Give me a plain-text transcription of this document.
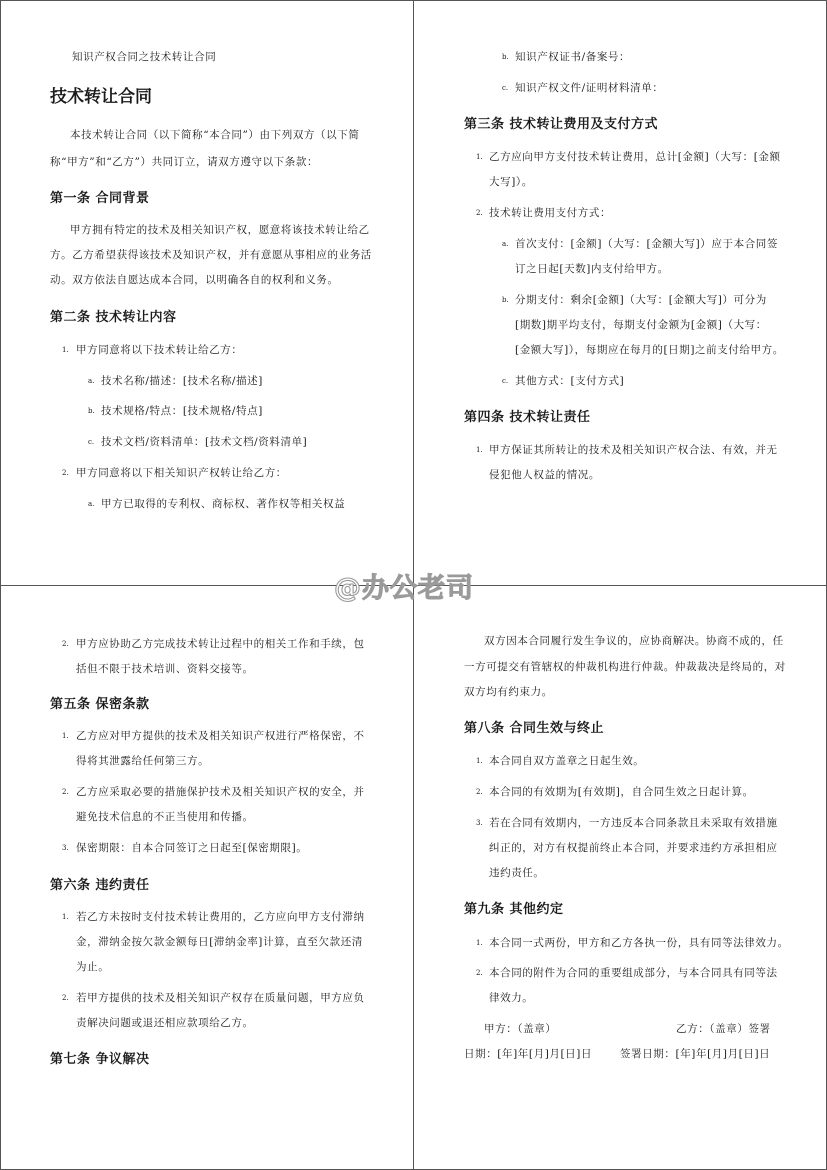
知识产权合同之技术转让合同
技术转让合同
本技术转让合同（以下简称“本合同”）由下列双方（以下简
称“甲方”和“乙方”）共同订立，请双方遵守以下条款：
第一条 合同背景
甲方拥有特定的技术及相关知识产权，愿意将该技术转让给乙
方。乙方希望获得该技术及知识产权，并有意愿从事相应的业务活
动。双方依法自愿达成本合同，以明确各自的权利和义务。
第二条 技术转让内容
1. 甲方同意将以下技术转让给乙方：
a. 技术名称/描述：[技术名称/描述]
b. 技术规格/特点：[技术规格/特点]
c. 技术文档/资料清单：[技术文档/资料清单]
2. 甲方同意将以下相关知识产权转让给乙方：
a. 甲方已取得的专利权、商标权、著作权等相关权益
b. 知识产权证书/备案号：
c. 知识产权文件/证明材料清单：
第三条 技术转让费用及支付方式
1. 乙方应向甲方支付技术转让费用，总计[金额]（大写：[金额
大写]）。
2. 技术转让费用支付方式：
a. 首次支付：[金额]（大写：[金额大写]）应于本合同签
订之日起[天数]内支付给甲方。
b. 分期支付：剩余[金额]（大写：[金额大写]）可分为
[期数]期平均支付，每期支付金额为[金额]（大写：
[金额大写]），每期应在每月的[日期]之前支付给甲方。
c. 其他方式：[支付方式]
第四条 技术转让责任
1. 甲方保证其所转让的技术及相关知识产权合法、有效，并无
侵犯他人权益的情况。
2. 甲方应协助乙方完成技术转让过程中的相关工作和手续，包
括但不限于技术培训、资料交接等。
第五条 保密条款
1. 乙方应对甲方提供的技术及相关知识产权进行严格保密，不
得将其泄露给任何第三方。
2. 乙方应采取必要的措施保护技术及相关知识产权的安全，并
避免技术信息的不正当使用和传播。
3. 保密期限：自本合同签订之日起至[保密期限]。
第六条 违约责任
1. 若乙方未按时支付技术转让费用的，乙方应向甲方支付滞纳
金，滞纳金按欠款金额每日[滞纳金率]计算，直至欠款还清
为止。
2. 若甲方提供的技术及相关知识产权存在质量问题，甲方应负
责解决问题或退还相应款项给乙方。
第七条 争议解决
双方因本合同履行发生争议的，应协商解决。协商不成的，任
一方可提交有管辖权的仲裁机构进行仲裁。仲裁裁决是终局的，对
双方均有约束力。
第八条 合同生效与终止
1. 本合同自双方盖章之日起生效。
2. 本合同的有效期为[有效期]，自合同生效之日起计算。
3. 若在合同有效期内，一方违反本合同条款且未采取有效措施
纠正的，对方有权提前终止本合同，并要求违约方承担相应
违约责任。
第九条 其他约定
1. 本合同一式两份，甲方和乙方各执一份，具有同等法律效力。
2. 本合同的附件为合同的重要组成部分，与本合同具有同等法
律效力。
甲方：（盖章）	乙方：（盖章）签署
日期：[年]年[月]月[日]日	签署日期：[年]年[月]月[日]日
@办公老司
